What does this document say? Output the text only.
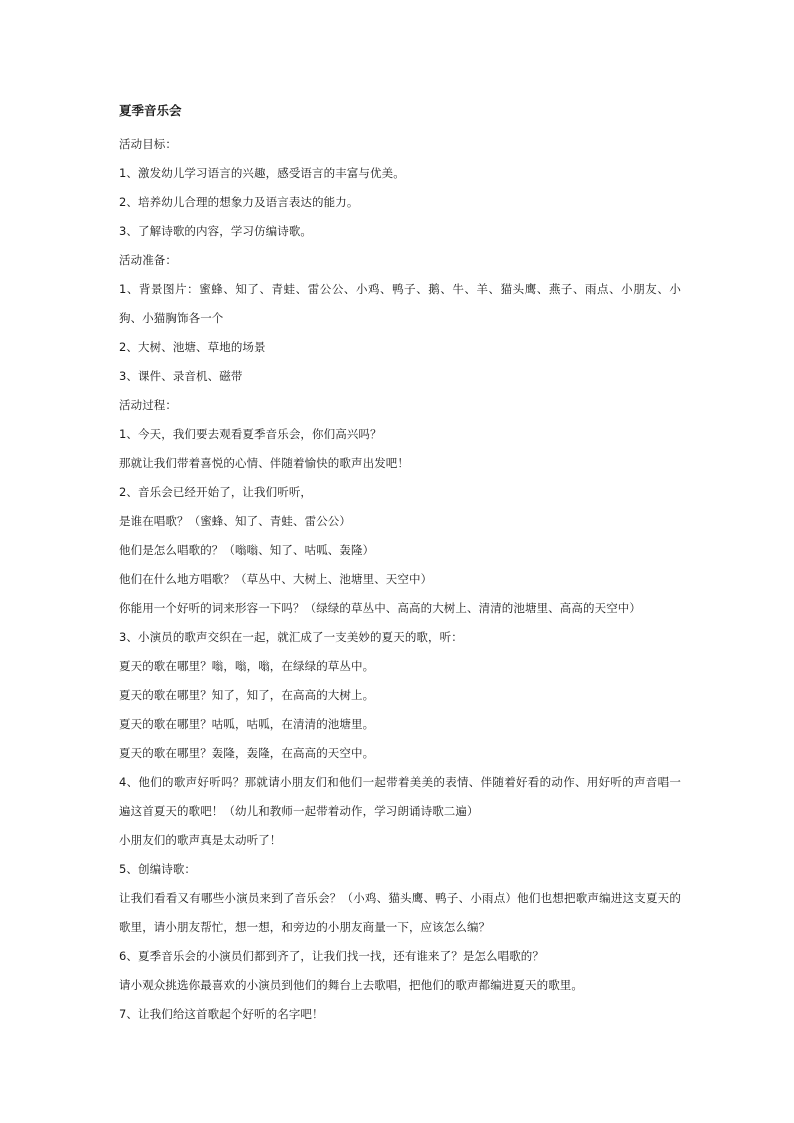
夏季音乐会

活动目标：

1、激发幼儿学习语言的兴趣，感受语言的丰富与优美。

2、培养幼儿合理的想象力及语言表达的能力。

3、了解诗歌的内容，学习仿编诗歌。

活动准备：

1、背景图片：蜜蜂、知了、青蛙、雷公公、小鸡、鸭子、鹅、牛、羊、猫头鹰、燕子、雨点、小朋友、小狗、小猫胸饰各一个

2、大树、池塘、草地的场景

3、课件、录音机、磁带

活动过程：

1、今天，我们要去观看夏季音乐会，你们高兴吗？

那就让我们带着喜悦的心情、伴随着愉快的歌声出发吧！

2、音乐会已经开始了，让我们听听，

是谁在唱歌？（蜜蜂、知了、青蛙、雷公公）

他们是怎么唱歌的？（嗡嗡、知了、咕呱、轰隆）

他们在什么地方唱歌？（草丛中、大树上、池塘里、天空中）

你能用一个好听的词来形容一下吗？（绿绿的草丛中、高高的大树上、清清的池塘里、高高的天空中）

3、小演员的歌声交织在一起，就汇成了一支美妙的夏天的歌，听：

夏天的歌在哪里？嗡，嗡，嗡，在绿绿的草丛中。

夏天的歌在哪里？知了，知了，在高高的大树上。

夏天的歌在哪里？咕呱，咕呱，在清清的池塘里。

夏天的歌在哪里？轰隆，轰隆，在高高的天空中。

4、他们的歌声好听吗？那就请小朋友们和他们一起带着美美的表情、伴随着好看的动作、用好听的声音唱一遍这首夏天的歌吧！（幼儿和教师一起带着动作，学习朗诵诗歌二遍）

小朋友们的歌声真是太动听了！

5、创编诗歌：

让我们看看又有哪些小演员来到了音乐会？（小鸡、猫头鹰、鸭子、小雨点）他们也想把歌声编进这支夏天的歌里，请小朋友帮忙，想一想，和旁边的小朋友商量一下，应该怎么编？

6、夏季音乐会的小演员们都到齐了，让我们找一找，还有谁来了？是怎么唱歌的？

请小观众挑选你最喜欢的小演员到他们的舞台上去歌唱，把他们的歌声都编进夏天的歌里。

7、让我们给这首歌起个好听的名字吧！
